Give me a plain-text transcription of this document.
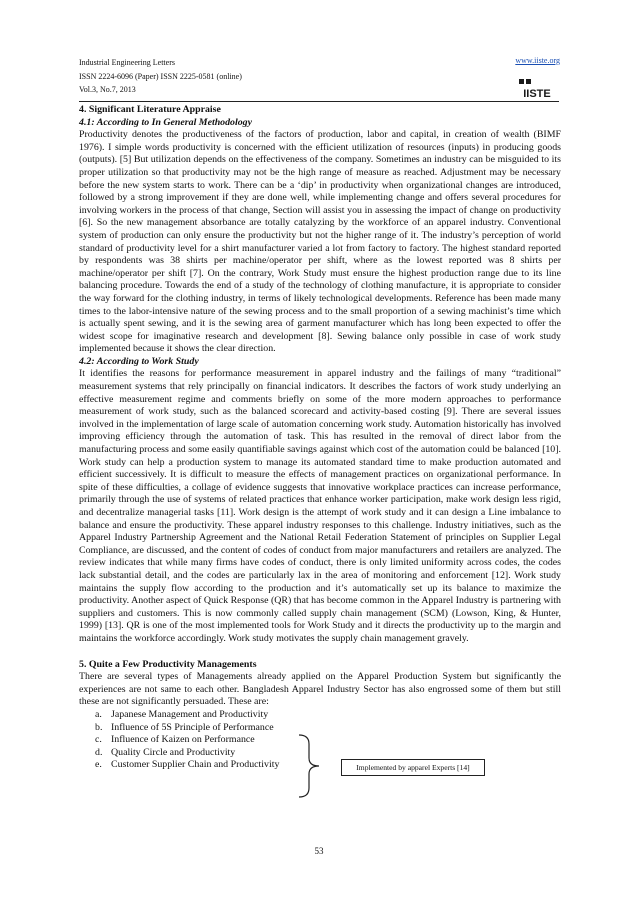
Industrial Engineering Letters
ISSN 2224-6096 (Paper) ISSN 2225-0581 (online)
Vol.3, No.7, 2013
www.iiste.org
IISTE

4. Significant Literature Appraise

4.1: According to In General Methodology

Productivity denotes the productiveness of the factors of production, labor and capital, in creation of wealth (BIMF 1976). I simple words productivity is concerned with the efficient utilization of resources (inputs) in producing goods (outputs). [5] But utilization depends on the effectiveness of the company. Sometimes an industry can be misguided to its proper utilization so that productivity may not be the high range of measure as reached. Adjustment may be necessary before the new system starts to work. There can be a ‘dip’ in productivity when organizational changes are introduced, followed by a strong improvement if they are done well, while implementing change and offers several procedures for involving workers in the process of that change, Section will assist you in assessing the impact of change on productivity [6]. So the new management absorbance are totally catalyzing by the workforce of an apparel industry. Conventional system of production can only ensure the productivity but not the higher range of it. The industry’s perception of world standard of productivity level for a shirt manufacturer varied a lot from factory to factory. The highest standard reported by respondents was 38 shirts per machine/operator per shift, where as the lowest reported was 8 shirts per machine/operator per shift [7]. On the contrary, Work Study must ensure the highest production range due to its line balancing procedure. Towards the end of a study of the technology of clothing manufacture, it is appropriate to consider the way forward for the clothing industry, in terms of likely technological developments. Reference has been made many times to the labor-intensive nature of the sewing process and to the small proportion of a sewing machinist’s time which is actually spent sewing, and it is the sewing area of garment manufacturer which has long been expected to offer the widest scope for imaginative research and development [8]. Sewing balance only possible in case of work study implemented because it shows the clear direction.

4.2: According to Work Study

It identifies the reasons for performance measurement in apparel industry and the failings of many “traditional” measurement systems that rely principally on financial indicators. It describes the factors of work study underlying an effective measurement regime and comments briefly on some of the more modern approaches to performance measurement of work study, such as the balanced scorecard and activity-based costing [9]. There are several issues involved in the implementation of large scale of automation concerning work study. Automation historically has involved improving efficiency through the automation of task. This has resulted in the removal of direct labor from the manufacturing process and some easily quantifiable savings against which cost of the automation could be balanced [10]. Work study can help a production system to manage its automated standard time to make production automated and efficient successively. It is difficult to measure the effects of management practices on organizational performance. In spite of these difficulties, a collage of evidence suggests that innovative workplace practices can increase performance, primarily through the use of systems of related practices that enhance worker participation, make work design less rigid, and decentralize managerial tasks [11]. Work design is the attempt of work study and it can design a Line imbalance to balance and ensure the productivity. These apparel industry responses to this challenge. Industry initiatives, such as the Apparel Industry Partnership Agreement and the National Retail Federation Statement of principles on Supplier Legal Compliance, are discussed, and the content of codes of conduct from major manufacturers and retailers are analyzed. The review indicates that while many firms have codes of conduct, there is only limited uniformity across codes, the codes lack substantial detail, and the codes are particularly lax in the area of monitoring and enforcement [12]. Work study maintains the supply flow according to the production and it’s automatically set up its balance to maximize the productivity. Another aspect of Quick Response (QR) that has become common in the Apparel Industry is partnering with suppliers and customers. This is now commonly called supply chain management (SCM) (Lowson, King, & Hunter, 1999) [13]. QR is one of the most implemented tools for Work Study and it directs the productivity up to the margin and maintains the workforce accordingly. Work study motivates the supply chain management gravely.

5. Quite a Few Productivity Managements

There are several types of Managements already applied on the Apparel Production System but significantly the experiences are not same to each other. Bangladesh Apparel Industry Sector has also engrossed some of them but still these are not significantly persuaded. These are:

a. Japanese Management and Productivity
b. Influence of 5S Principle of Performance
c. Influence of Kaizen on Performance
d. Quality Circle and Productivity
e. Customer Supplier Chain and Productivity	Implemented by apparel Experts [14]
53
